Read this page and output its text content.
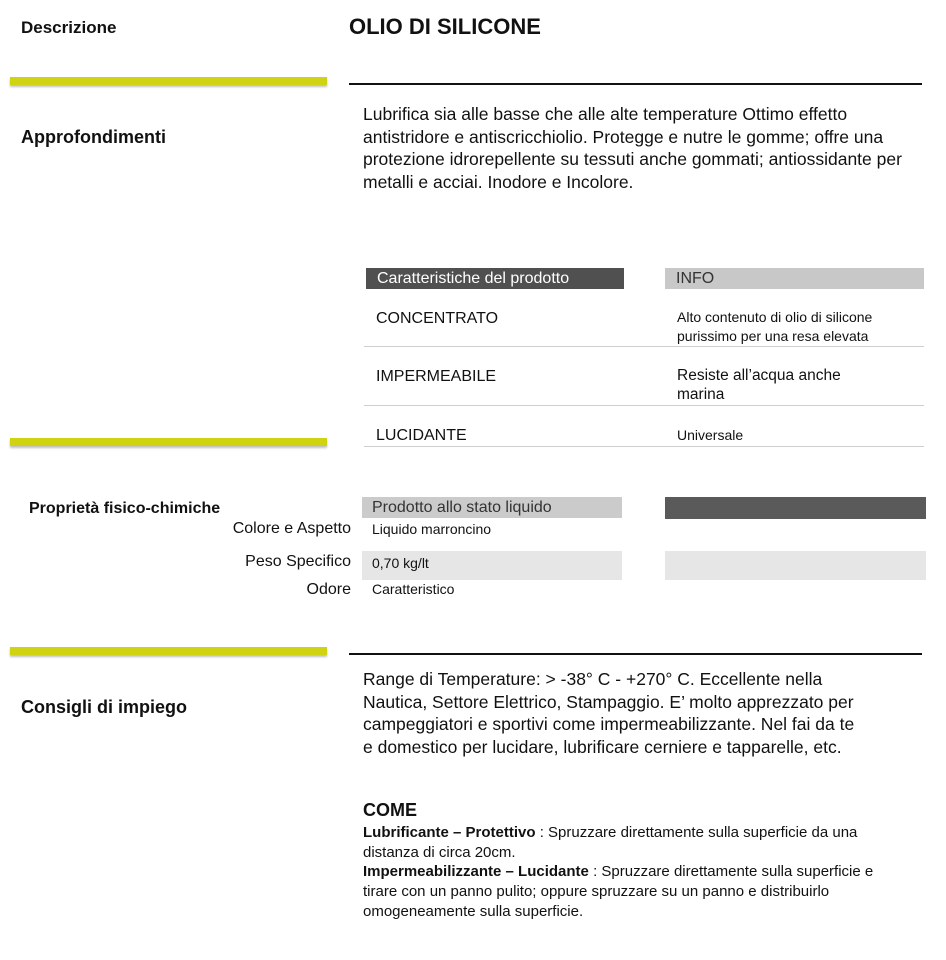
Descrizione	OLIO DI SILICONE
Approfondimenti
Lubrifica sia alle basse che alle alte temperature Ottimo effetto antistridore e antiscricchiolio. Protegge e nutre le gomme; offre una protezione idrorepellente su tessuti anche gommati; antiossidante per metalli e acciai. Inodore e Incolore.
Caratteristiche del prodotto	INFO
CONCENTRATO	Alto contenuto di olio di silicone purissimo per una resa elevata
IMPERMEABILE	Resiste all’acqua anche marina
LUCIDANTE	Universale
Proprietà fisico-chimiche	Prodotto allo stato liquido
Colore e Aspetto Liquido marroncino
Peso Specifico 0,70 kg/lt
Odore Caratteristico
Consigli di impiego
Range di Temperature: > -38° C - +270° C. Eccellente nella Nautica, Settore Elettrico, Stampaggio. E’ molto apprezzato per campeggiatori e sportivi come impermeabilizzante. Nel fai da te e domestico per lucidare, lubrificare cerniere e tapparelle, etc.
COME
Lubrificante – Protettivo : Spruzzare direttamente sulla superficie da una distanza di circa 20cm.
Impermeabilizzante – Lucidante : Spruzzare direttamente sulla superficie e tirare con un panno pulito; oppure spruzzare su un panno e distribuirlo omogeneamente sulla superficie.
